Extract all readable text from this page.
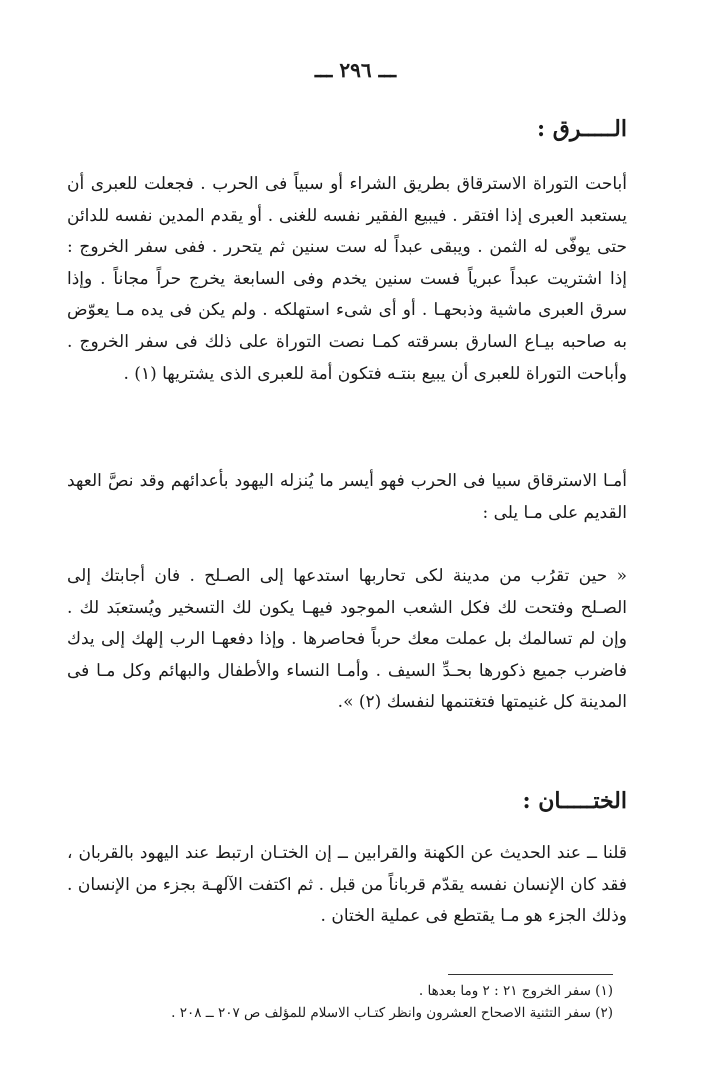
ـــ ٢٩٦ ـــ
الـــــرق :

أباحت التوراة الاسترقاق بطريق الشراء أو سبياً فى الحرب . فجعلت للعبرى أن يستعبد العبرى إذا افتقر . فيبيع الفقير نفسه للغنى . أو يقدم المدين نفسه للدائن حتى يوفّى له الثمن . ويبقى عبداً له ست سنين ثم يتحرر . ففى سفر الخروج : إذا اشتريت عبداً عبرياً فست سنين يخدم وفى السابعة يخرج حراً مجاناً . وإذا سرق العبرى ماشية وذبحهـا . أو أى شىء استهلكه . ولم يكن فى يده مـا يعوّض به صاحبه بيـاع السارق بسرقته كمـا نصت التوراة على ذلك فى سفر الخروج . وأباحت التوراة للعبرى أن يبيع بنتـه فتكون أمة للعبرى الذى يشتريها (١) .

أمـا الاسترقاق سبيا فى الحرب فهو أيسر ما يُنزله اليهود بأعدائهم وقد نصَّ العهد القديم على مـا يلى :

« حين تقرُب من مدينة لكى تحاربها استدعها إلى الصـلح . فان أجابتك إلى الصـلح وفتحت لك فكل الشعب الموجود فيهـا يكون لك التسخير ويُستعبَد لك . وإن لم تسالمك بل عملت معك حرباً فحاصرها . وإذا دفعهـا الرب إلهك إلى يدك فاضرب جميع ذكورها بحـدِّ السيف . وأمـا النساء والأطفال والبهائم وكل مـا فى المدينة كل غنيمتها فتغتنمها لنفسك (٢) ».

الختـــــان :

قلنا ــ عند الحديث عن الكهنة والقرابين ــ إن الختـان ارتبط عند اليهود بالقربان ، فقد كان الإنسان نفسه يقدّم قرباناً من قبل . ثم اكتفت الآلهـة بجزء من الإنسان . وذلك الجزء هو مـا يقتطع فى عملية الختان .

(١) سفر الخروج ٢١ : ٢ وما بعدها .

(٢) سفر التثنية الاصحاح العشرون وانظر كتـاب الاسلام للمؤلف ص ٢٠٧ ــ ٢٠٨ .
